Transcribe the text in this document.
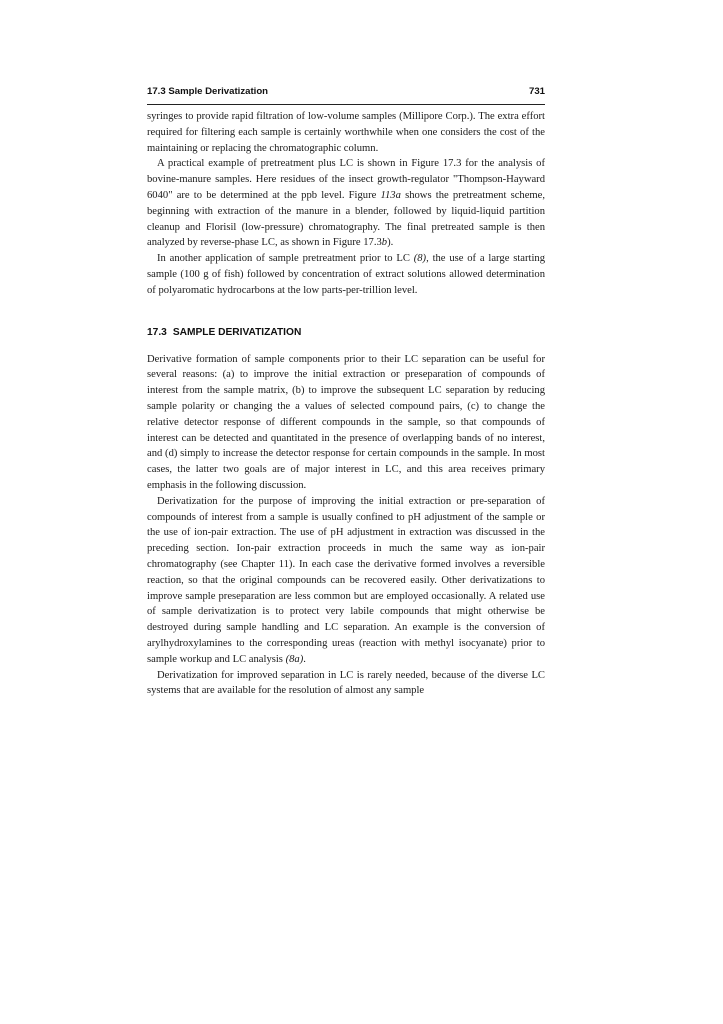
17.3 Sample Derivatization	731

syringes to provide rapid filtration of low-volume samples (Millipore Corp.). The extra effort required for filtering each sample is certainly worthwhile when one considers the cost of the maintaining or replacing the chromatographic column.

A practical example of pretreatment plus LC is shown in Figure 17.3 for the analysis of bovine-manure samples. Here residues of the insect growth-regulator "Thompson-Hayward 6040" are to be determined at the ppb level. Figure 113a shows the pretreatment scheme, beginning with extraction of the manure in a blender, followed by liquid-liquid partition cleanup and Florisil (low-pressure) chromatography. The final pretreated sample is then analyzed by reverse-phase LC, as shown in Figure 17.3b).

In another application of sample pretreatment prior to LC (8), the use of a large starting sample (100 g of fish) followed by concentration of extract solutions allowed determination of polyaromatic hydrocarbons at the low parts-per-trillion level.

17.3 SAMPLE DERIVATIZATION

Derivative formation of sample components prior to their LC separation can be useful for several reasons: (a) to improve the initial extraction or preseparation of compounds of interest from the sample matrix, (b) to improve the subsequent LC separation by reducing sample polarity or changing the a values of selected compound pairs, (c) to change the relative detector response of different compounds in the sample, so that compounds of interest can be detected and quantitated in the presence of overlapping bands of no interest, and (d) simply to increase the detector response for certain compounds in the sample. In most cases, the latter two goals are of major interest in LC, and this area receives primary emphasis in the following discussion.

Derivatization for the purpose of improving the initial extraction or pre-separation of compounds of interest from a sample is usually confined to pH adjustment of the sample or the use of ion-pair extraction. The use of pH adjustment in extraction was discussed in the preceding section. Ion-pair extraction proceeds in much the same way as ion-pair chromatography (see Chapter 11). In each case the derivative formed involves a reversible reaction, so that the original compounds can be recovered easily. Other derivatizations to improve sample preseparation are less common but are employed occasionally. A related use of sample derivatization is to protect very labile compounds that might otherwise be destroyed during sample handling and LC separation. An example is the conversion of arylhydroxylamines to the corresponding ureas (reaction with methyl isocyanate) prior to sample workup and LC analysis (8a).

Derivatization for improved separation in LC is rarely needed, because of the diverse LC systems that are available for the resolution of almost any sample
